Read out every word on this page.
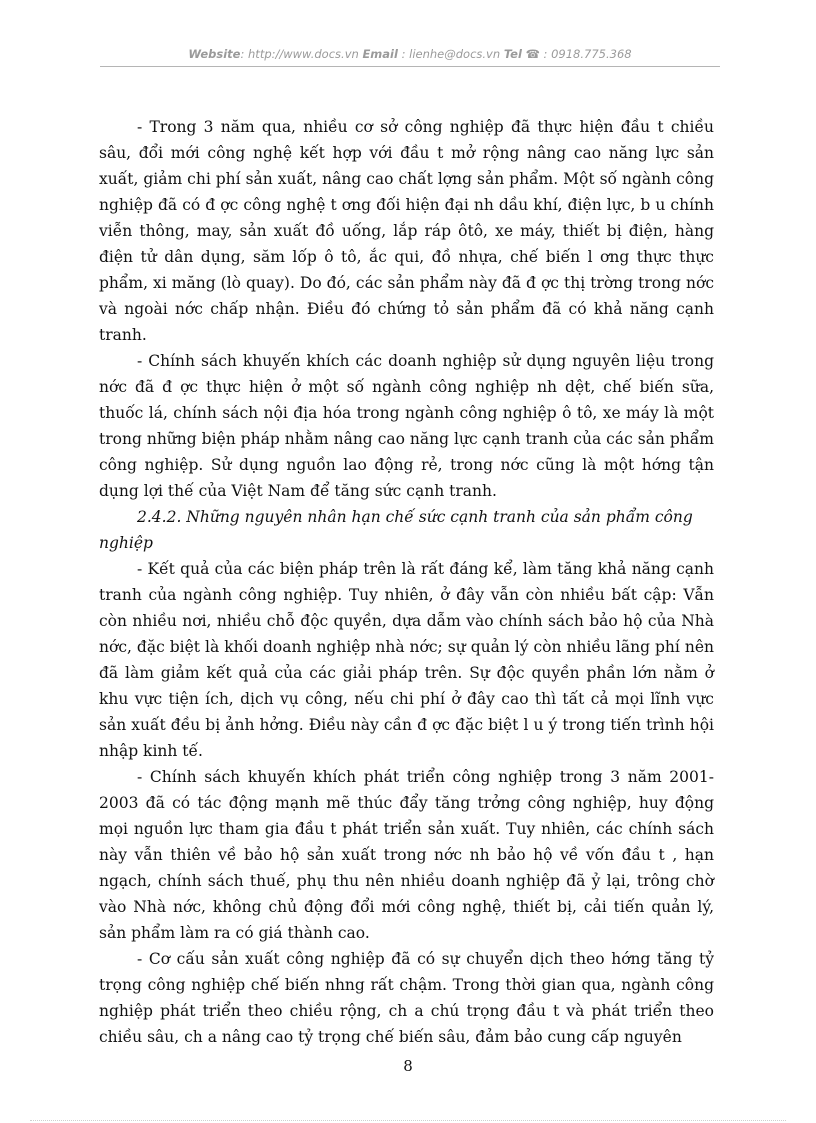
Website: http://www.docs.vn Email : lienhe@docs.vn Tel ☎ : 0918.775.368

- Trong 3 năm qua, nhiều cơ sở công nghiệp đã thực hiện đầu t chiều sâu, đổi mới công nghệ kết hợp với đầu t mở rộng nâng cao năng lực sản xuất, giảm chi phí sản xuất, nâng cao chất lợng sản phẩm. Một số ngành công nghiệp đã có đ ợc công nghệ t ơng đối hiện đại nh dầu khí, điện lực, b u chính viễn thông, may, sản xuất đồ uống, lắp ráp ôtô, xe máy, thiết bị điện, hàng điện tử dân dụng, săm lốp ô tô, ắc qui, đồ nhựa, chế biến l ơng thực thực phẩm, xi măng (lò quay). Do đó, các sản phẩm này đã đ ợc thị trờng trong nớc và ngoài nớc chấp nhận. Điều đó chứng tỏ sản phẩm đã có khả năng cạnh tranh.

- Chính sách khuyến khích các doanh nghiệp sử dụng nguyên liệu trong nớc đã đ ợc thực hiện ở một số ngành công nghiệp nh dệt, chế biến sữa, thuốc lá, chính sách nội địa hóa trong ngành công nghiệp ô tô, xe máy là một trong những biện pháp nhằm nâng cao năng lực cạnh tranh của các sản phẩm công nghiệp. Sử dụng nguồn lao động rẻ, trong nớc cũng là một hớng tận dụng lợi thế của Việt Nam để tăng sức cạnh tranh.

2.4.2. Những nguyên nhân hạn chế sức cạnh tranh của sản phẩm công nghiệp

- Kết quả của các biện pháp trên là rất đáng kể, làm tăng khả năng cạnh tranh của ngành công nghiệp. Tuy nhiên, ở đây vẫn còn nhiều bất cập: Vẫn còn nhiều nơi, nhiều chỗ độc quyền, dựa dẫm vào chính sách bảo hộ của Nhà nớc, đặc biệt là khối doanh nghiệp nhà nớc; sự quản lý còn nhiều lãng phí nên đã làm giảm kết quả của các giải pháp trên. Sự độc quyền phần lớn nằm ở khu vực tiện ích, dịch vụ công, nếu chi phí ở đây cao thì tất cả mọi lĩnh vực sản xuất đều bị ảnh hởng. Điều này cần đ ợc đặc biệt l u ý trong tiến trình hội nhập kinh tế.

- Chính sách khuyến khích phát triển công nghiệp trong 3 năm 2001-2003 đã có tác động mạnh mẽ thúc đẩy tăng trởng công nghiệp, huy động mọi nguồn lực tham gia đầu t phát triển sản xuất. Tuy nhiên, các chính sách này vẫn thiên về bảo hộ sản xuất trong nớc nh bảo hộ về vốn đầu t , hạn ngạch, chính sách thuế, phụ thu nên nhiều doanh nghiệp đã ỷ lại, trông chờ vào Nhà nớc, không chủ động đổi mới công nghệ, thiết bị, cải tiến quản lý, sản phẩm làm ra có giá thành cao.

- Cơ cấu sản xuất công nghiệp đã có sự chuyển dịch theo hớng tăng tỷ trọng công nghiệp chế biến nhng rất chậm. Trong thời gian qua, ngành công nghiệp phát triển theo chiều rộng, ch a chú trọng đầu t và phát triển theo chiều sâu, ch a nâng cao tỷ trọng chế biến sâu, đảm bảo cung cấp nguyên

8
